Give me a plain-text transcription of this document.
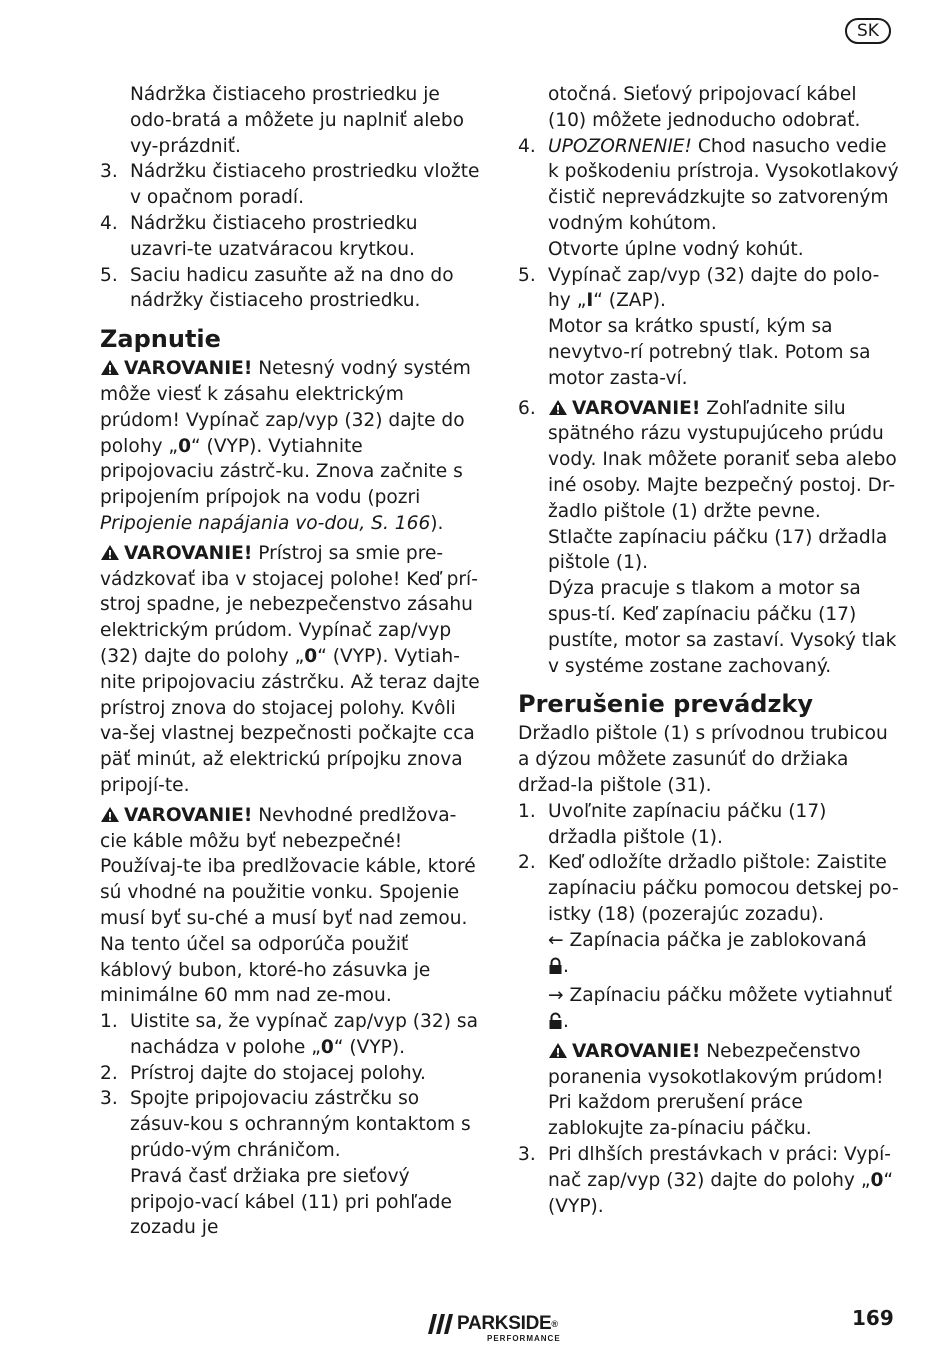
SK

Nádržka čistiaceho prostriedku je odo-bratá a môžete ju naplniť alebo vy-prázdniť.

3. Nádržku čistiaceho prostriedku vložte v opačnom poradí.
4. Nádržku čistiaceho prostriedku uzavri-te uzatváracou krytkou.
5. Saciu hadicu zasuňte až na dno do nádržky čistiaceho prostriedku.
Zapnutie

VAROVANIE! Netesný vodný systém môže viesť k zásahu elektrickým prúdom! Vypínač zap/vyp (32) dajte do polohy „0“ (VYP). Vytiahnite pripojovaciu zástrč-ku. Znova začnite s pripojením prípojok na vodu (pozri Pripojenie napájania vo-dou, S. 166).

VAROVANIE! Prístroj sa smie pre-vádzkovať iba v stojacej polohe! Keď prí-stroj spadne, je nebezpečenstvo zásahu elektrickým prúdom. Vypínač zap/vyp (32) dajte do polohy „0“ (VYP). Vytiah-nite pripojovaciu zástrčku. Až teraz dajte prístroj znova do stojacej polohy. Kvôli va-šej vlastnej bezpečnosti počkajte cca päť minút, až elektrickú prípojku znova pripojí-te.

VAROVANIE! Nevhodné predlžova-cie káble môžu byť nebezpečné! Používaj-te iba predlžovacie káble, ktoré sú vhodné na použitie vonku. Spojenie musí byť su-ché a musí byť nad zemou. Na tento účel sa odporúča použiť káblový bubon, ktoré-ho zásuvka je minimálne 60 mm nad ze-mou.

1. Uistite sa, že vypínač zap/vyp (32) sa nachádza v polohe „0“ (VYP).
2. Prístroj dajte do stojacej polohy.
3. Spojte pripojovaciu zástrčku so zásuv-kou s ochranným kontaktom s prúdo-vým chráničom.

Pravá časť držiaka pre sieťový pripojo-vací kábel (11) pri pohľade zozadu je

otočná. Sieťový pripojovací kábel (10) môžete jednoducho odobrať.

4. UPOZORNENIE! Chod nasucho vedie k poškodeniu prístroja. Vysokotlakový čistič neprevádzkujte so zatvoreným vodným kohútom.

Otvorte úplne vodný kohút.

5. Vypínač zap/vyp (32) dajte do polo-hy „I“ (ZAP).

Motor sa krátko spustí, kým sa nevytvo-rí potrebný tlak. Potom sa motor zasta-ví.

6. VAROVANIE! Zohľadnite silu spätného rázu vystupujúceho prúdu vody. Inak môžete poraniť seba alebo iné osoby. Majte bezpečný postoj. Dr-žadlo pištole (1) držte pevne.

Stlačte zapínaciu páčku (17) držadla pištole (1).

Dýza pracuje s tlakom a motor sa spus-tí. Keď zapínaciu páčku (17) pustíte, motor sa zastaví. Vysoký tlak v systéme zostane zachovaný.

Prerušenie prevádzky

Držadlo pištole (1) s prívodnou trubicou a dýzou môžete zasunúť do držiaka držad-la pištole (31).

1. Uvoľnite zapínaciu páčku (17) držadla pištole (1).
2. Keď odložíte držadlo pištole: Zaistite zapínaciu páčku pomocou detskej po-istky (18) (pozerajúc zozadu).

← Zapínacia páčka je zablokovaná
.

→ Zapínaciu páčku môžete vytiahnuť
.

VAROVANIE! Nebezpečenstvo poranenia vysokotlakovým prúdom! Pri každom prerušení práce zablokujte za-pínaciu páčku.

3. Pri dlhších prestávkach v práci: Vypí-nač zap/vyp (32) dajte do polohy „0“ (VYP).
PARKSIDE®
PERFORMANCE
169
